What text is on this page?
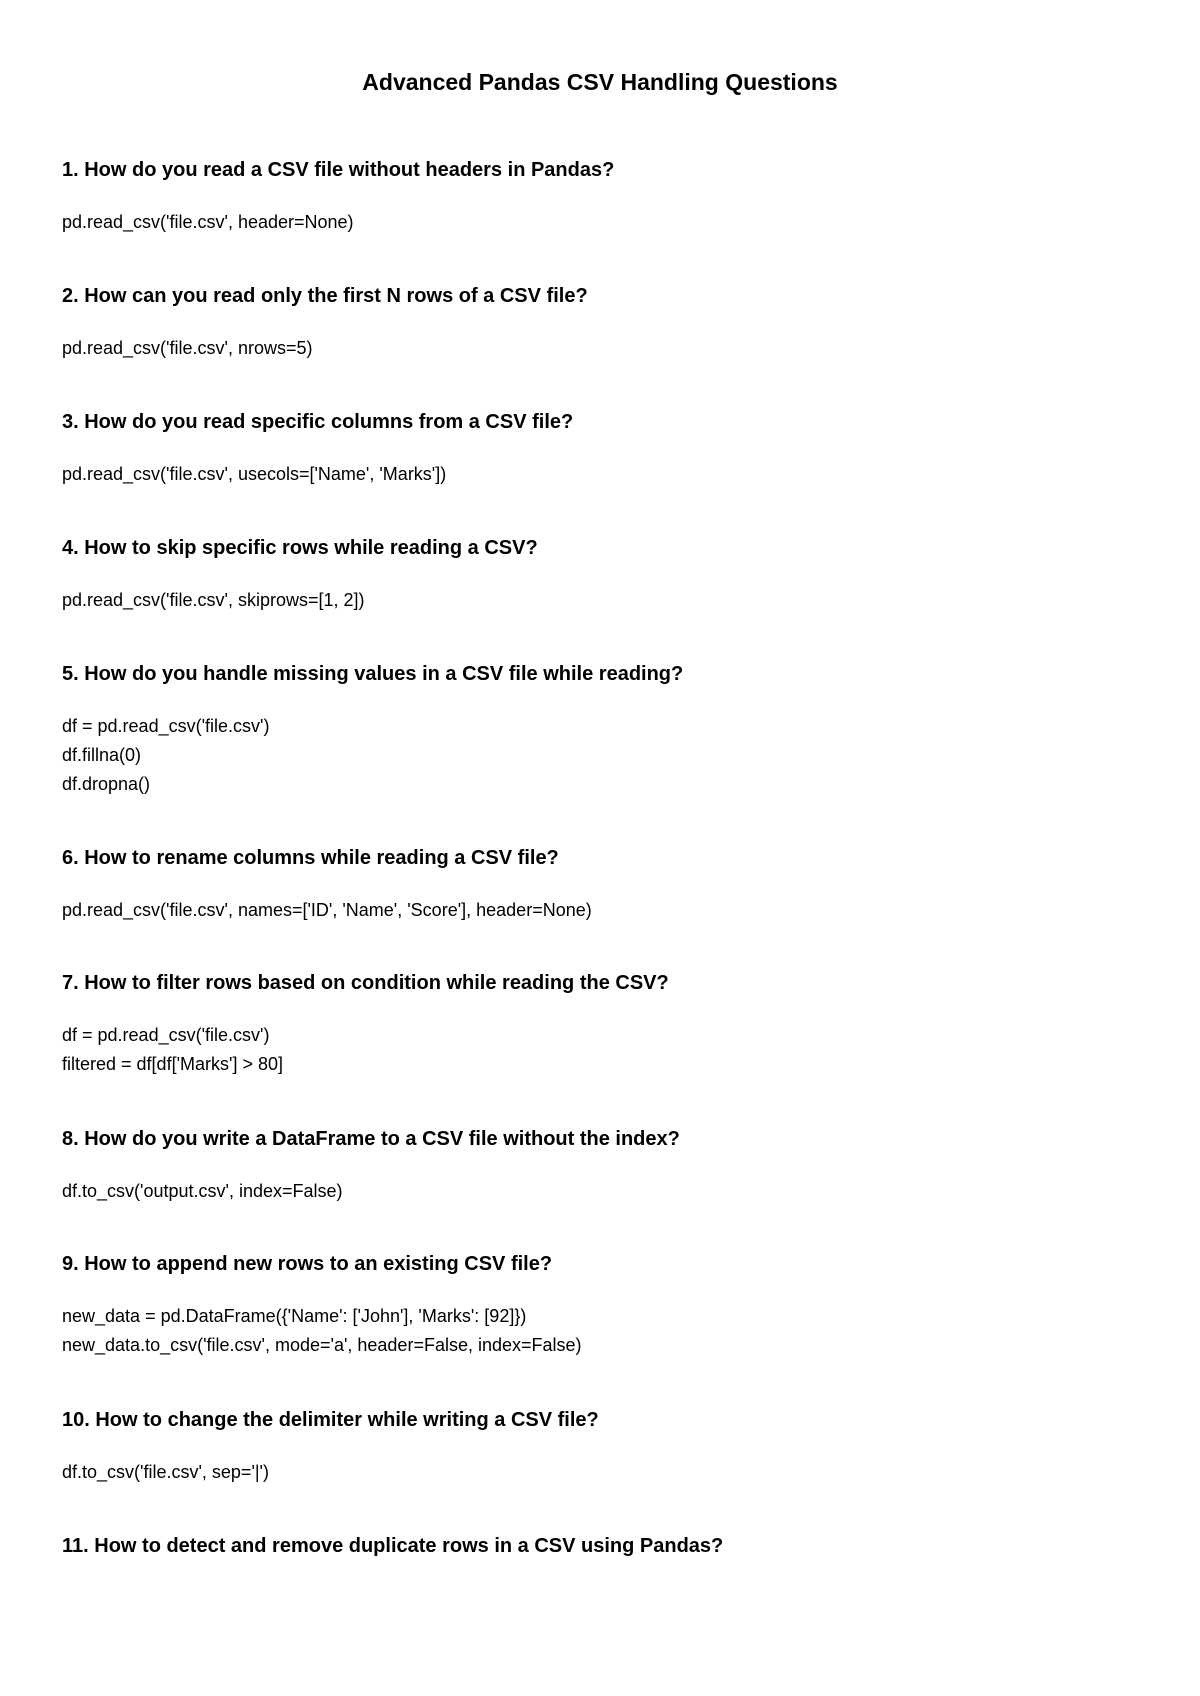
Advanced Pandas CSV Handling Questions

1. How do you read a CSV file without headers in Pandas?

pd.read_csv('file.csv', header=None)

2. How can you read only the first N rows of a CSV file?

pd.read_csv('file.csv', nrows=5)

3. How do you read specific columns from a CSV file?

pd.read_csv('file.csv', usecols=['Name', 'Marks'])

4. How to skip specific rows while reading a CSV?

pd.read_csv('file.csv', skiprows=[1, 2])

5. How do you handle missing values in a CSV file while reading?

df = pd.read_csv('file.csv')

df.fillna(0)

df.dropna()

6. How to rename columns while reading a CSV file?

pd.read_csv('file.csv', names=['ID', 'Name', 'Score'], header=None)

7. How to filter rows based on condition while reading the CSV?

df = pd.read_csv('file.csv')

filtered = df[df['Marks'] > 80]

8. How do you write a DataFrame to a CSV file without the index?

df.to_csv('output.csv', index=False)

9. How to append new rows to an existing CSV file?

new_data = pd.DataFrame({'Name': ['John'], 'Marks': [92]})

new_data.to_csv('file.csv', mode='a', header=False, index=False)

10. How to change the delimiter while writing a CSV file?

df.to_csv('file.csv', sep='|')

11. How to detect and remove duplicate rows in a CSV using Pandas?
